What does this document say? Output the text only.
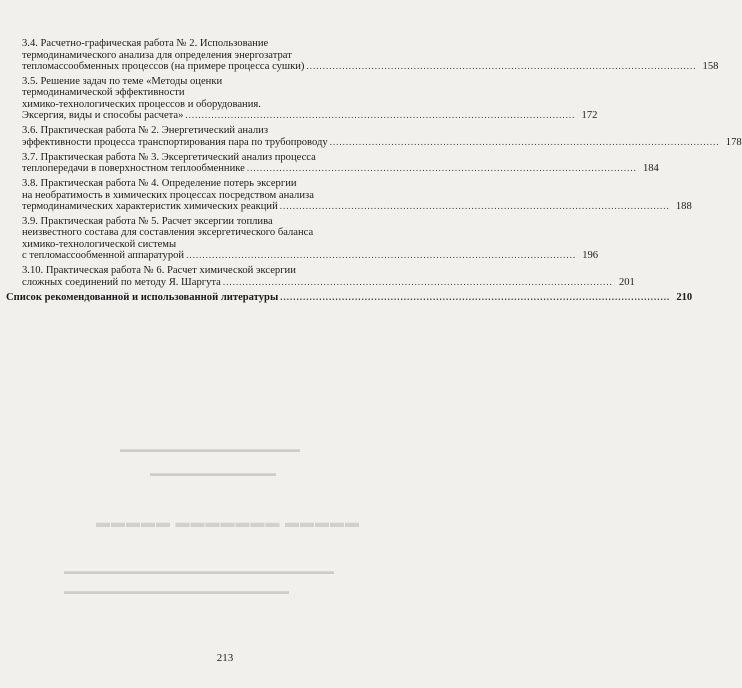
▬▬▬▬▬ ▬▬▬▬▬▬▬ ▬▬▬▬▬
▬▬▬▬▬▬▬▬▬▬▬▬▬▬▬▬▬▬▬▬
▬▬▬▬▬▬▬▬▬▬▬▬▬▬
▬▬▬▬▬▬▬▬▬▬▬▬▬▬▬▬▬▬▬▬▬▬▬▬▬▬▬▬▬▬
▬▬▬▬▬▬▬▬▬▬▬▬▬▬▬▬▬▬▬▬▬▬▬▬▬
3.4. Расчетно-графическая работа № 2. Использование
термодинамического анализа для определения энергозатрат
тепломассообменных процессов (на примере процесса сушки) ........................................................................................................................ 158
3.5. Решение задач по теме «Методы оценки
термодинамической эффективности
химико-технологических процессов и оборудования.
Эксергия, виды и способы расчета» ........................................................................................................................ 172
3.6. Практическая работа № 2. Энергетический анализ
эффективности процесса транспортирования пара по трубопроводу ........................................................................................................................ 178
3.7. Практическая работа № 3. Эксергетический анализ процесса
теплопередачи в поверхностном теплообменнике ........................................................................................................................ 184
3.8. Практическая работа № 4. Определение потерь эксергии
на необратимость в химических процессах посредством анализа
термодинамических характеристик химических реакций ........................................................................................................................ 188
3.9. Практическая работа № 5. Расчет эксергии топлива
неизвестного состава для составления эксергетического баланса
химико-технологической системы
с тепломассообменной аппаратурой ........................................................................................................................ 196
3.10. Практическая работа № 6. Расчет химической эксергии
сложных соединений по методу Я. Шаргута ........................................................................................................................ 201
Список рекомендованной и использованной литературы ........................................................................................................................ 210
213
